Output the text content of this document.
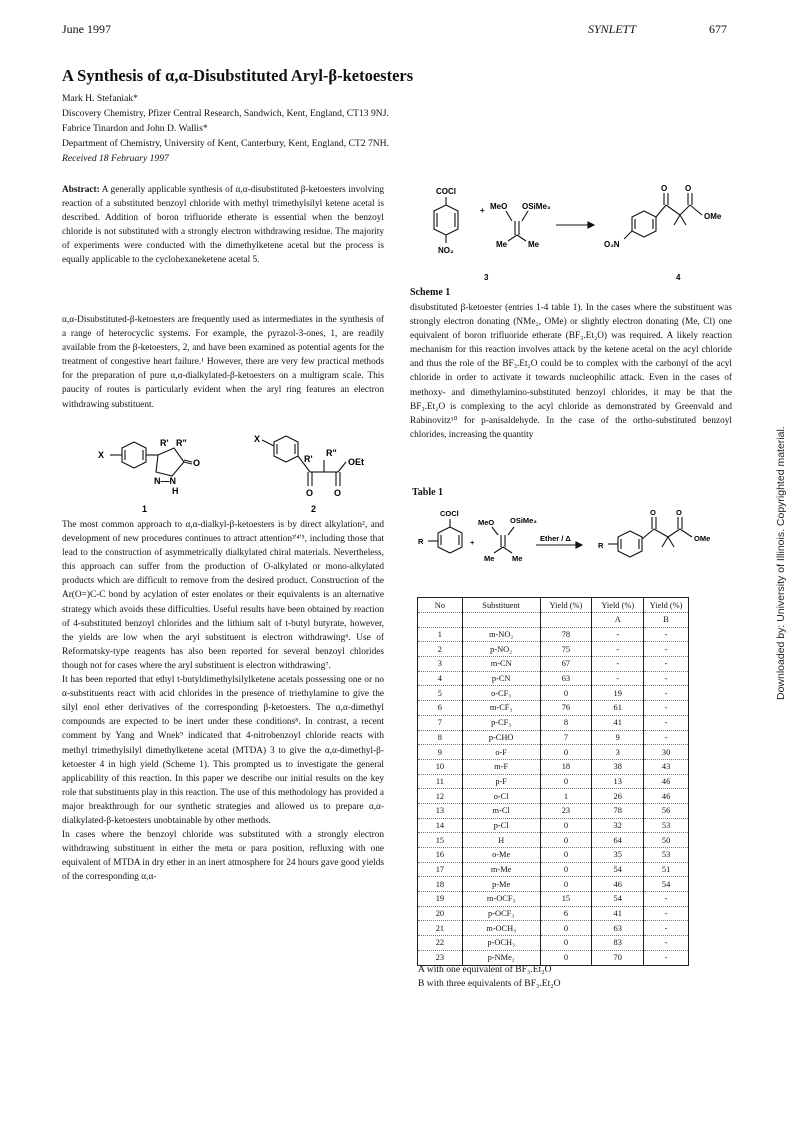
June 1997	SYNLETT	677
A Synthesis of α,α-Disubstituted Aryl-β-ketoesters
Mark H. Stefaniak*
Discovery Chemistry, Pfizer Central Research, Sandwich, Kent, England, CT13 9NJ.
Fabrice Tinardon and John D. Wallis*
Department of Chemistry, University of Kent, Canterbury, Kent, England, CT2 7NH.
Received 18 February 1997

Abstract: A generally applicable synthesis of α,α-disubstituted β-ketoesters involving reaction of a substituted benzoyl chloride with methyl trimethylsilyl ketene acetal is described. Addition of boron trifluoride etherate is essential when the benzoyl chloride is not substituted with a strongly electron withdrawing residue. The majority of experiments were conducted with the dimethylketene acetal but the process is equally applicable to the cyclohexaneketene acetal 5.

α,α-Disubstituted-β-ketoesters are frequently used as intermediates in the synthesis of a range of heterocyclic systems. For example, the pyrazol-3-ones, 1, are readily available from the β-ketoesters, 2, and have been examined as potential agents for the treatment of congestive heart failure.¹ However, there are very few practical methods for the preparation of pure α,α-dialkylated-β-ketoesters on a multigram scale. This paucity of routes is particularly evident when the aryl ring features an electron withdrawing substituent.

X
R' R"
O
N—N
H
1
X
R'
R"
OEt
O O
2

The most common approach to α,α-dialkyl-β-ketoesters is by direct alkylation², and development of new procedures continues to attract attention³'⁴'⁵, including those that lead to the construction of asymmetrically dialkylated chiral materials. Nevertheless, this approach can suffer from the production of O-alkylated or mono-alkylated products which are difficult to remove from the desired product. Construction of the Ar(O=)C-C bond by acylation of ester enolates or their equivalents is an alternative strategy which avoids these difficulties. Useful results have been obtained by reaction of 4-substituted benzoyl chlorides and the lithium salt of t-butyl butyrate, however, the yields are low when the aryl substituent is electron withdrawing⁶. Use of Reformatsky-type reagents has also been reported for several benzoyl chlorides though not for cases where the aryl substituent is electron withdrawing⁷.

It has been reported that ethyl t-butyldimethylsilylketene acetals possessing one or no α-substituents react with acid chlorides in the presence of triethylamine to give the silyl enol ether derivatives of the corresponding β-ketoesters. The α,α-dimethyl compounds are expected to be inert under these conditions⁸. In contrast, a recent comment by Yang and Wnek⁹ indicated that 4-nitrobenzoyl chloride reacts with methyl trimethylsilyl dimethylketene acetal (MTDA) 3 to give the α,α-dimethyl-β-ketoester 4 in high yield (Scheme 1). This prompted us to investigate the general applicability of this reaction. In this paper we describe our initial results on the key role that substituents play in this reaction. The use of this methodology has provided a major breakthrough for our synthetic strategies and allowed us to prepare α,α-dialkylated-β-ketoesters unobtainable by other methods.

In cases where the benzoyl chloride was substituted with a strongly electron withdrawing substituent in either the meta or para position, refluxing with one equivalent of MTDA in dry ether in an inert atmosphere for 24 hours gave good yields of the corresponding α,α-

COCl
NO₂
+ MeO OSiMe₃
Me	Me
O O
OMe
O₂N
3	4
Scheme 1

disubstituted β-ketoester (entries 1-4 table 1). In the cases where the substituent was strongly electron donating (NMe₂, OMe) or slightly electron donating (Me, Cl) one equivalent of boron trifluoride etherate (BF₃.Et₂O) was required. A likely reaction mechanism for this reaction involves attack by the ketene acetal on the acyl chloride and thus the role of the BF₃.Et₂O could be to complex with the carbonyl of the acyl chloride in order to activate it towards nucleophilic attack. Even in the cases of methoxy- and dimethylamino-substituted benzoyl chlorides, it may be that the BF₃.Et₂O is complexing to the acyl chloride as demonstrated by Greenvald and Rabinovitz¹⁰ for p-anisaldehyde. In the case of the ortho-substituted benzoyl chlorides, increasing the quantity

Table 1
COCl
R	+
MeO OSiMe₃
Me Me
Ether / Δ
R
O	O
OMe
No	Substituent	Yield (%)	Yield (%)	Yield (%)
			A	B
1	m-NO₂	78	-	-
2	p-NO₂	75	-	-
3	m-CN	67	-	-
4	p-CN	63	-	-
5	o-CF₃	0	19	-
6	m-CF₃	76	61	-
7	p-CF₃	8	41	-
8	p-CHO	7	9	-
9	o-F	0	3	30
10	m-F	18	38	43
11	p-F	0	13	46
12	o-Cl	1	26	46
13	m-Cl	23	78	56
14	p-Cl	0	32	53
15	H	0	64	50
16	o-Me	0	35	53
17	m-Me	0	54	51
18	p-Me	0	46	54
19	m-OCF₃	15	54	-
20	p-OCF₃	6	41	-
21	m-OCH₃	0	63	-
22	p-OCH₃	0	83	-
23	p-NMe₂	0	70	-
A with one equivalent of BF₃.Et₂O
B with three equivalents of BF₃.Et₂O
Downloaded by: University of Illinois. Copyrighted material.
